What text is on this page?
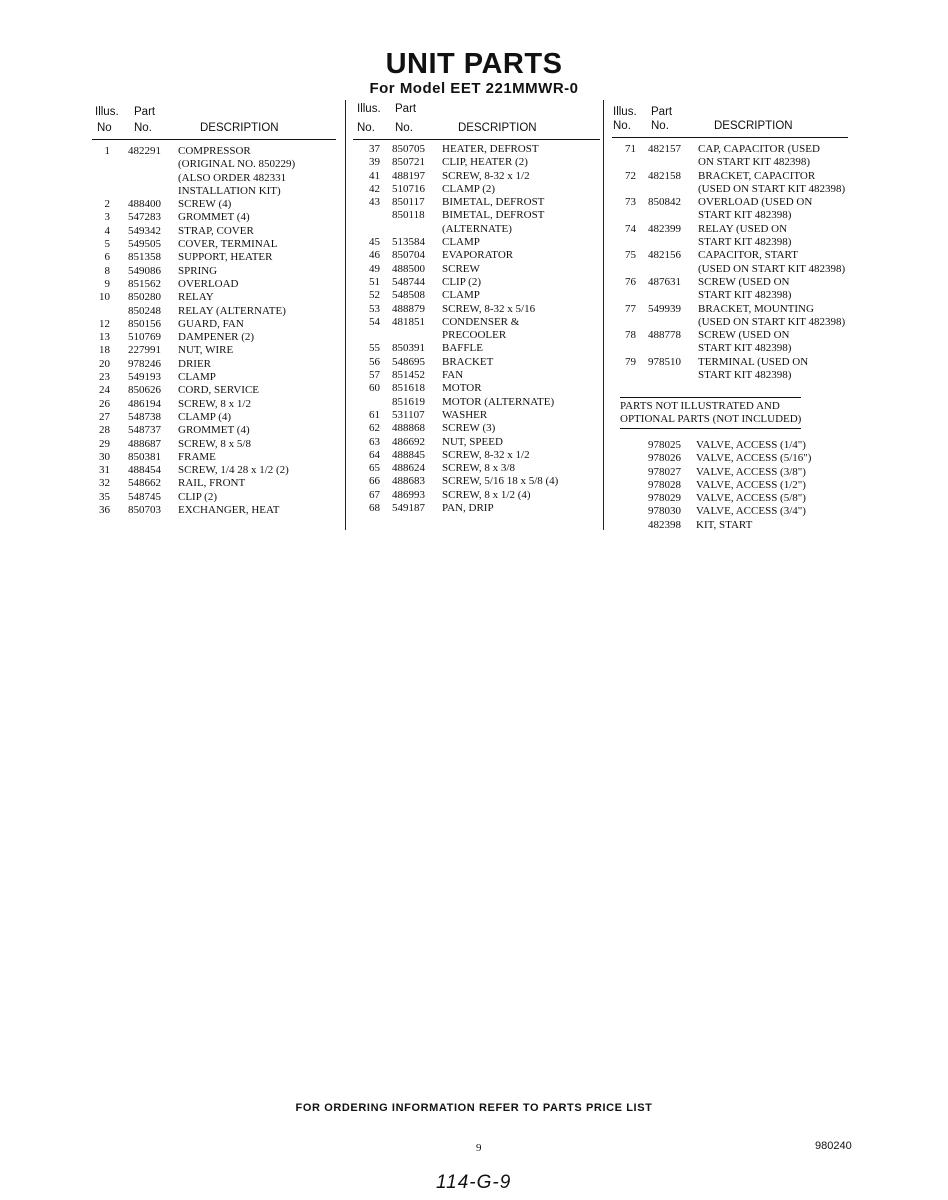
UNIT PARTS
For Model EET 221MMWR-0
Illus. Part
No No.	DESCRIPTION
1 482291 COMPRESSOR
(ORIGINAL NO. 850229)
(ALSO ORDER 482331
INSTALLATION KIT)
2 488400 SCREW (4)
3 547283 GROMMET (4)
4 549342 STRAP, COVER
5 549505 COVER, TERMINAL
6 851358 SUPPORT, HEATER
8 549086 SPRING
9 851562 OVERLOAD
10 850280 RELAY
850248 RELAY (ALTERNATE)
12 850156 GUARD, FAN
13 510769 DAMPENER (2)
18 227991 NUT, WIRE
20 978246 DRIER
23 549193 CLAMP
24 850626 CORD, SERVICE
26 486194 SCREW, 8 x 1/2
27 548738 CLAMP (4)
28 548737 GROMMET (4)
29 488687 SCREW, 8 x 5/8
30 850381 FRAME
31 488454 SCREW, 1/4 28 x 1/2 (2)
32 548662 RAIL, FRONT
35 548745 CLIP (2)
36 850703 EXCHANGER, HEAT
Illus. Part
No. No.	DESCRIPTION
37 850705 HEATER, DEFROST
39 850721 CLIP, HEATER (2)
41 488197 SCREW, 8-32 x 1/2
42 510716 CLAMP (2)
43 850117 BIMETAL, DEFROST
850118 BIMETAL, DEFROST
(ALTERNATE)
45 513584 CLAMP
46 850704 EVAPORATOR
49 488500 SCREW
51 548744 CLIP (2)
52 548508 CLAMP
53 488879 SCREW, 8-32 x 5/16
54 481851 CONDENSER &
PRECOOLER
55 850391 BAFFLE
56 548695 BRACKET
57 851452 FAN
60 851618 MOTOR
851619 MOTOR (ALTERNATE)
61 531107 WASHER
62 488868 SCREW (3)
63 486692 NUT, SPEED
64 488845 SCREW, 8-32 x 1/2
65 488624 SCREW, 8 x 3/8
66 488683 SCREW, 5/16 18 x 5/8 (4)
67 486993 SCREW, 8 x 1/2 (4)
68 549187 PAN, DRIP
Illus. Part
No. No.	DESCRIPTION
71 482157 CAP, CAPACITOR (USED
ON START KIT 482398)
72 482158 BRACKET, CAPACITOR
(USED ON START KIT 482398)
73 850842 OVERLOAD (USED ON
START KIT 482398)
74 482399 RELAY (USED ON
START KIT 482398)
75 482156 CAPACITOR, START
(USED ON START KIT 482398)
76 487631 SCREW (USED ON
START KIT 482398)
77 549939 BRACKET, MOUNTING
(USED ON START KIT 482398)
78 488778 SCREW (USED ON
START KIT 482398)
79 978510 TERMINAL (USED ON
START KIT 482398)
PARTS NOT ILLUSTRATED AND
OPTIONAL PARTS (NOT INCLUDED)
978025 VALVE, ACCESS (1/4")
978026 VALVE, ACCESS (5/16")
978027 VALVE, ACCESS (3/8")
978028 VALVE, ACCESS (1/2")
978029 VALVE, ACCESS (5/8")
978030 VALVE, ACCESS (3/4")
482398 KIT, START
FOR ORDERING INFORMATION REFER TO PARTS PRICE LIST
9	980240
114-G-9
